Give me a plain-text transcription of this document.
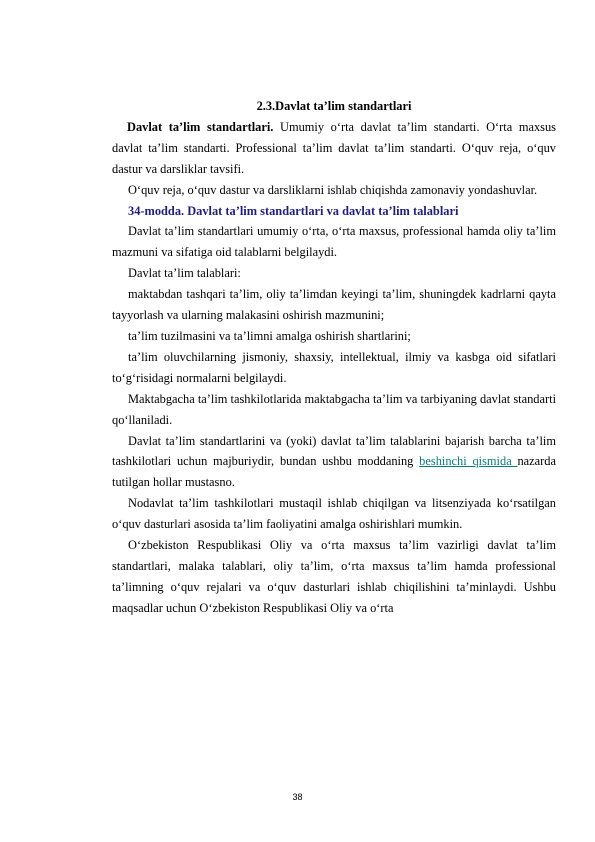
2.3.Davlat ta’lim standartlari

Davlat ta’lim standartlari. Umumiy o‘rta davlat ta’lim standarti. O‘rta maxsus davlat ta’lim standarti. Professional ta’lim davlat ta’lim standarti. O‘quv reja, o‘quv dastur va darsliklar tavsifi.

O‘quv reja, o‘quv dastur va darsliklarni ishlab chiqishda zamonaviy yondashuvlar.

34-modda. Davlat ta’lim standartlari va davlat ta’lim talablari

Davlat ta’lim standartlari umumiy o‘rta, o‘rta maxsus, professional hamda oliy ta’lim mazmuni va sifatiga oid talablarni belgilaydi.

Davlat ta’lim talablari:

maktabdan tashqari ta’lim, oliy ta’limdan keyingi ta’lim, shuningdek kadrlarni qayta tayyorlash va ularning malakasini oshirish mazmunini;

ta’lim tuzilmasini va ta’limni amalga oshirish shartlarini;

ta’lim oluvchilarning jismoniy, shaxsiy, intellektual, ilmiy va kasbga oid sifatlari to‘g‘risidagi normalarni belgilaydi.

Maktabgacha ta’lim tashkilotlarida maktabgacha ta’lim va tarbiyaning davlat standarti qo‘llaniladi.

Davlat ta’lim standartlarini va (yoki) davlat ta’lim talablarini bajarish barcha ta’lim tashkilotlari uchun majburiydir, bundan ushbu moddaning beshinchi qismida nazarda tutilgan hollar mustasno.

Nodavlat ta’lim tashkilotlari mustaqil ishlab chiqilgan va litsenziyada ko‘rsatilgan o‘quv dasturlari asosida ta’lim faoliyatini amalga oshirishlari mumkin.

O‘zbekiston Respublikasi Oliy va o‘rta maxsus ta’lim vazirligi davlat ta’lim standartlari, malaka talablari, oliy ta’lim, o‘rta maxsus ta’lim hamda professional ta’limning o‘quv rejalari va o‘quv dasturlari ishlab chiqilishini ta’minlaydi. Ushbu maqsadlar uchun O‘zbekiston Respublikasi Oliy va o‘rta

38
